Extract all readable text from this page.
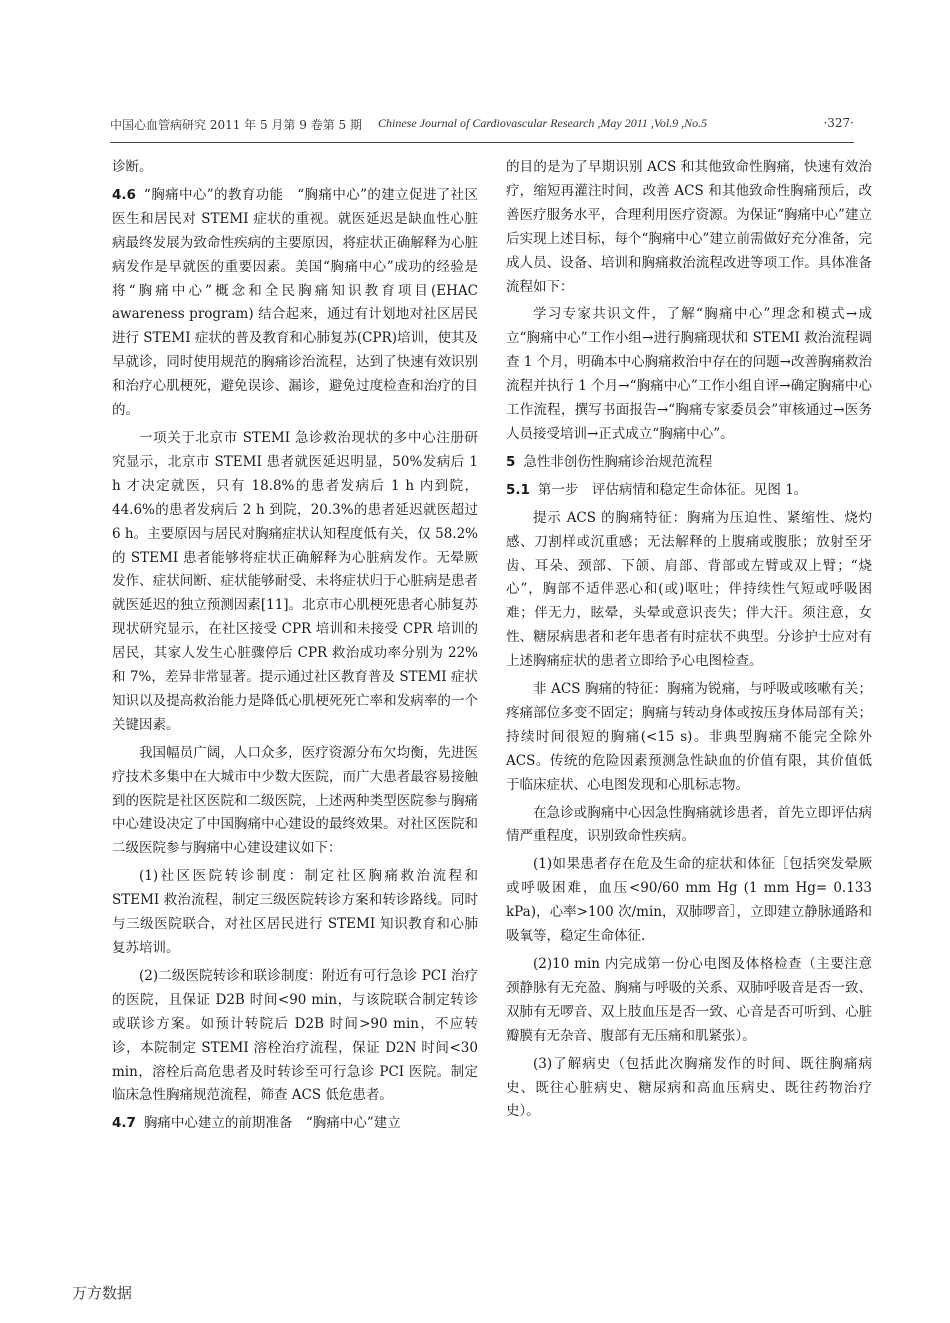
中国心血管病研究 2011 年 5 月第 9 卷第 5 期 Chinese Journal of Cardiovascular Research ,May 2011 ,Vol.9 ,No.5	·327·

诊断。

4.6 “胸痛中心”的教育功能　 “胸痛中心”的建立促进了社区医生和居民对 STEMI 症状的重视。就医延迟是缺血性心脏病最终发展为致命性疾病的主要原因，将症状正确解释为心脏病发作是早就医的重要因素。美国“胸痛中心”成功的经验是将“胸痛中心”概念和全民胸痛知识教育项目(EHAC awareness program) 结合起来，通过有计划地对社区居民进行 STEMI 症状的普及教育和心肺复苏(CPR)培训，使其及早就诊，同时使用规范的胸痛诊治流程，达到了快速有效识别和治疗心肌梗死，避免误诊、漏诊，避免过度检查和治疗的目的。

一项关于北京市 STEMI 急诊救治现状的多中心注册研究显示，北京市 STEMI 患者就医延迟明显，50%发病后 1 h 才决定就医，只有 18.8%的患者发病后 1 h 内到院，44.6%的患者发病后 2 h 到院，20.3%的患者延迟就医超过 6 h。主要原因与居民对胸痛症状认知程度低有关，仅 58.2%的 STEMI 患者能够将症状正确解释为心脏病发作。无晕厥发作、症状间断、症状能够耐受、未将症状归于心脏病是患者就医延迟的独立预测因素[11]。北京市心肌梗死患者心肺复苏现状研究显示，在社区接受 CPR 培训和未接受 CPR 培训的居民，其家人发生心脏骤停后 CPR 救治成功率分别为 22%和 7%，差异非常显著。提示通过社区教育普及 STEMI 症状知识以及提高救治能力是降低心肌梗死死亡率和发病率的一个关键因素。

我国幅员广阔，人口众多，医疗资源分布欠均衡，先进医疗技术多集中在大城市中少数大医院，而广大患者最容易接触到的医院是社区医院和二级医院，上述两种类型医院参与胸痛中心建设决定了中国胸痛中心建设的最终效果。对社区医院和二级医院参与胸痛中心建设建议如下：

(1)社区医院转诊制度：制定社区胸痛救治流程和 STEMI 救治流程，制定三级医院转诊方案和转诊路线。同时与三级医院联合，对社区居民进行 STEMI 知识教育和心肺复苏培训。

(2)二级医院转诊和联诊制度：附近有可行急诊 PCI 治疗的医院，且保证 D2B 时间<90 min，与该院联合制定转诊或联诊方案。如预计转院后 D2B 时间>90 min，不应转诊，本院制定 STEMI 溶栓治疗流程，保证 D2N 时间<30 min，溶栓后高危患者及时转诊至可行急诊 PCI 医院。制定临床急性胸痛规范流程，筛查 ACS 低危患者。

4.7 胸痛中心建立的前期准备　 “胸痛中心”建立

的目的是为了早期识别 ACS 和其他致命性胸痛，快速有效治疗，缩短再灌注时间，改善 ACS 和其他致命性胸痛预后，改善医疗服务水平，合理利用医疗资源。为保证“胸痛中心”建立后实现上述目标，每个“胸痛中心”建立前需做好充分准备，完成人员、设备、培训和胸痛救治流程改进等项工作。具体准备流程如下：

学习专家共识文件，了解“胸痛中心”理念和模式→成立“胸痛中心”工作小组→进行胸痛现状和 STEMI 救治流程调查 1 个月，明确本中心胸痛救治中存在的问题→改善胸痛救治流程并执行 1 个月→“胸痛中心”工作小组自评→确定胸痛中心工作流程，撰写书面报告→“胸痛专家委员会”审核通过→医务人员接受培训→正式成立“胸痛中心”。

5 急性非创伤性胸痛诊治规范流程

5.1 第一步　评估病情和稳定生命体征。见图 1。

提示 ACS 的胸痛特征：胸痛为压迫性、紧缩性、烧灼感、刀割样或沉重感；无法解释的上腹痛或腹胀；放射至牙齿、耳朵、颈部、下颌、肩部、背部或左臂或双上臂；“烧心”，胸部不适伴恶心和(或)呕吐；伴持续性气短或呼吸困难；伴无力，眩晕，头晕或意识丧失；伴大汗。须注意，女性、糖尿病患者和老年患者有时症状不典型。分诊护士应对有上述胸痛症状的患者立即给予心电图检查。

非 ACS 胸痛的特征：胸痛为锐痛，与呼吸或咳嗽有关；疼痛部位多变不固定；胸痛与转动身体或按压身体局部有关；持续时间很短的胸痛(<15 s)。非典型胸痛不能完全除外 ACS。传统的危险因素预测急性缺血的价值有限，其价值低于临床症状、心电图发现和心肌标志物。

在急诊或胸痛中心因急性胸痛就诊患者，首先立即评估病情严重程度，识别致命性疾病。

(1)如果患者存在危及生命的症状和体征［包括突发晕厥或呼吸困难，血压<90/60 mm Hg (1 mm Hg= 0.133 kPa)，心率>100 次/min，双肺啰音］，立即建立静脉通路和吸氧等，稳定生命体征.

(2)10 min 内完成第一份心电图及体格检查（主要注意颈静脉有无充盈、胸痛与呼吸的关系、双肺呼吸音是否一致、双肺有无啰音、双上肢血压是否一致、心音是否可听到、心脏瓣膜有无杂音、腹部有无压痛和肌紧张）。

(3)了解病史（包括此次胸痛发作的时间、既往胸痛病史、既往心脏病史、糖尿病和高血压病史、既往药物治疗史）。

万方数据
